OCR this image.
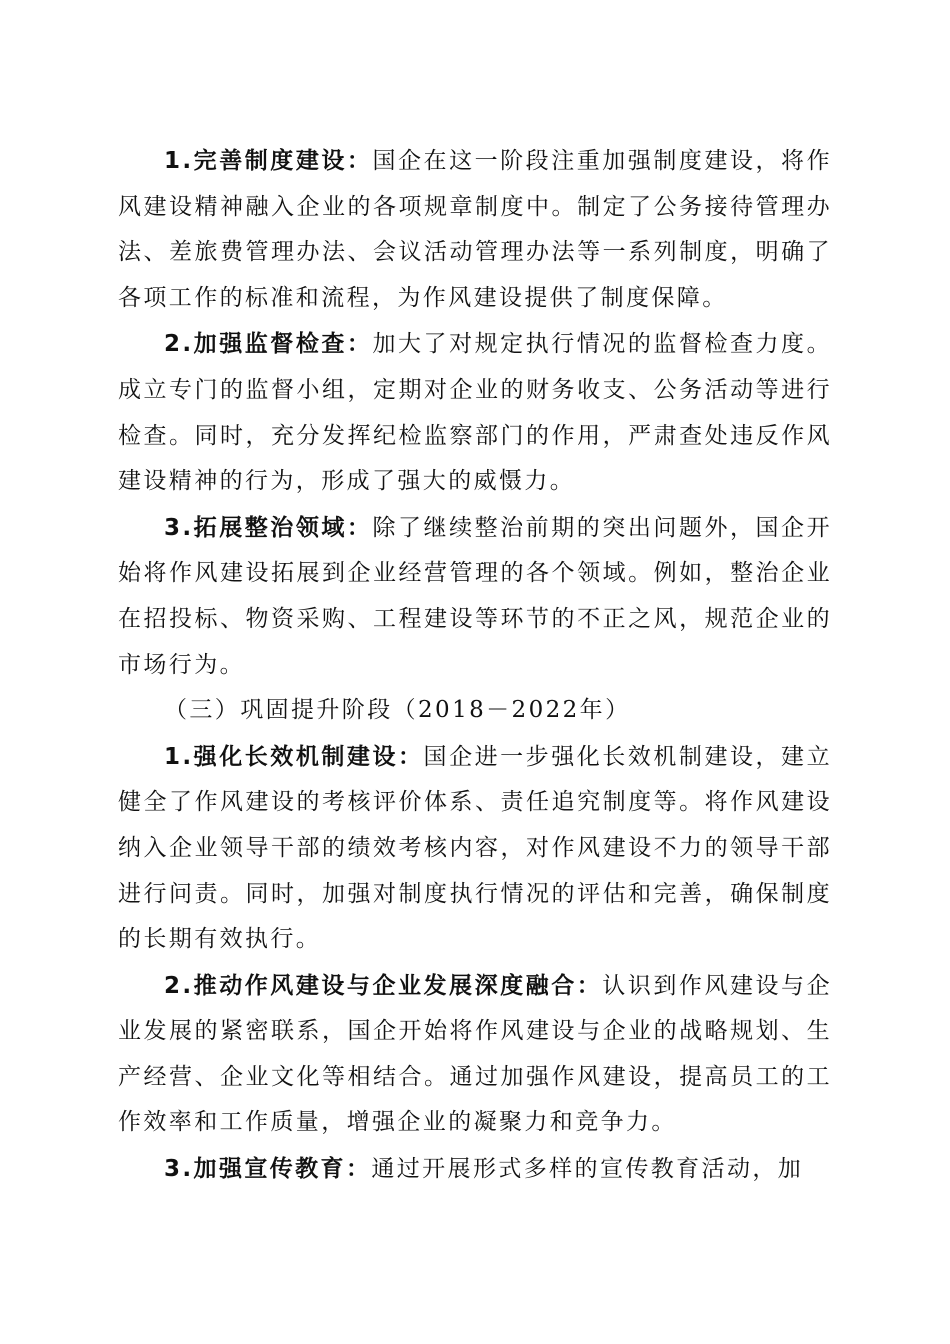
1.完善制度建设：国企在这一阶段注重加强制度建设，将作风建设精神融入企业的各项规章制度中。制定了公务接待管理办法、差旅费管理办法、会议活动管理办法等一系列制度，明确了各项工作的标准和流程，为作风建设提供了制度保障。

2.加强监督检查：加大了对规定执行情况的监督检查力度。成立专门的监督小组，定期对企业的财务收支、公务活动等进行检查。同时，充分发挥纪检监察部门的作用，严肃查处违反作风建设精神的行为，形成了强大的威慑力。

3.拓展整治领域：除了继续整治前期的突出问题外，国企开始将作风建设拓展到企业经营管理的各个领域。例如，整治企业在招投标、物资采购、工程建设等环节的不正之风，规范企业的市场行为。

（三）巩固提升阶段（2018－2022年）

1.强化长效机制建设：国企进一步强化长效机制建设，建立健全了作风建设的考核评价体系、责任追究制度等。将作风建设纳入企业领导干部的绩效考核内容，对作风建设不力的领导干部进行问责。同时，加强对制度执行情况的评估和完善，确保制度的长期有效执行。

2.推动作风建设与企业发展深度融合：认识到作风建设与企业发展的紧密联系，国企开始将作风建设与企业的战略规划、生产经营、企业文化等相结合。通过加强作风建设，提高员工的工作效率和工作质量，增强企业的凝聚力和竞争力。

3.加强宣传教育：通过开展形式多样的宣传教育活动，加
